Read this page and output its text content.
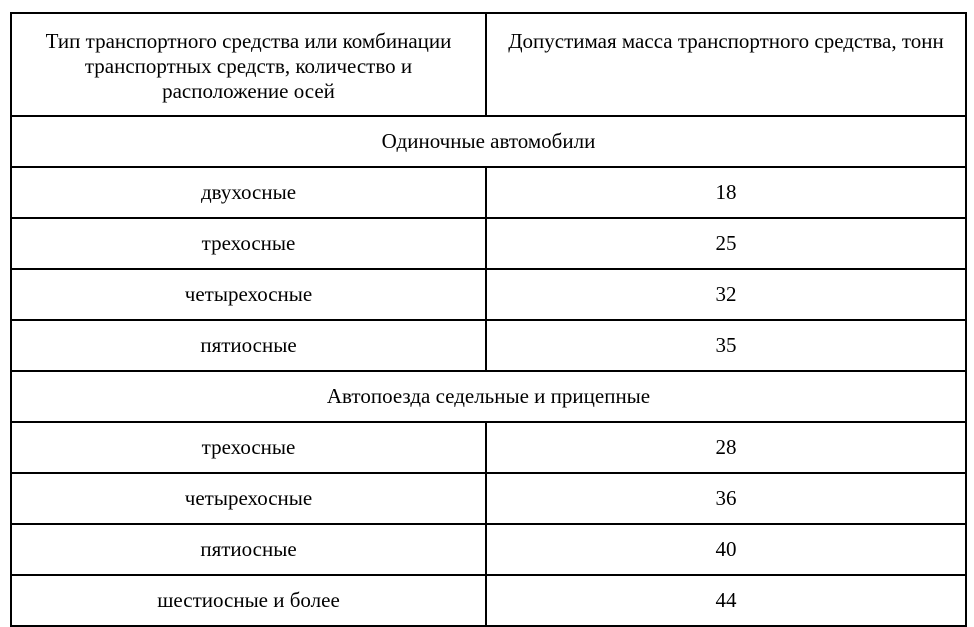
Тип транспортного средства или комбинации транспортных средств, количество и расположение осей	Допустимая масса транспортного средства, тонн
Одиночные автомобили	
двухосные	18
трехосные	25
четырехосные	32
пятиосные	35
Автопоезда седельные и прицепные	
трехосные	28
четырехосные	36
пятиосные	40
шестиосные и более	44
